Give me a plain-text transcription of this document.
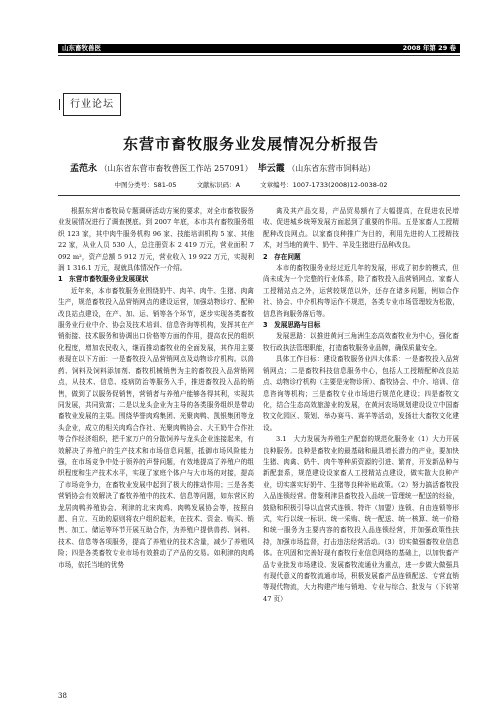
山东畜牧兽医	2008 年第 29 卷
行业论坛
东营市畜牧服务业发展情况分析报告
孟范永 （山东省东营市畜牧兽医工作站 257091） 毕云霞 （山东省东营市饲料站）
中图分类号：S81-05	文献标识码：A	文章编号：1007-1733(2008)12-0038-02

根据东营市畜牧局专题调研活动方案的要求，对全市畜牧服务业发展情况进行了调查摸底。到 2007 年底，本市共有畜牧服务组织 123 家，其中肉牛服务机构 96 家、技能培训机构 5 家、其他 22 家，从业人员 530 人，总注册资本 2 419 万元，营业面积 7 092 m²，资产总额 5 912 万元，营业收入 19 922 万元，实现利润 1 316.1 万元，现就具体情况作一介绍。

1　东营市畜牧服务业发展现状

近年来，本市畜牧服务业围绕奶牛、肉羊、肉牛、生猪、肉禽生产，规范畜牧投入品营销网点的建设运营，加强动物诊疗、配种改良站点建设，在产、加、运、销等各个环节，逐步实现各类畜牧服务业行业中介、协会及技术培训、信息咨询等机构，发挥其在产销衔接、技术服务和协调出口价格等方面的作用，提高农民的组织化程度，增加农民收入，继而推动畜牧业的全面发展，其作用主要表现在以下方面：一是畜牧投入品营销网点及动物诊疗机构。以兽药、饲料及饲料添加剂、畜牧机械销售为主的畜牧投入品营销网点，从技术、信息、疫病防治等服务入手，推进畜牧投入品的销售，做到了以服务促销售，营销者与养殖户能够各得其利，实现共同发展，共同致富；二是以龙头企业为主导的各类服务组织是带动畜牧业发展的主渠。围绕华誉肉鸡集团、光聚肉鸭、凯银集团等龙头企业，成立的相关肉鸡合作社、光聚肉鸭协会、大王奶牛合作社等合作经济组织，把千家万户的分散饲养与龙头企业连接起来，有效解决了养殖户的生产技术和市场信息问题，抵御市场风险能力强，在市场竞争中处于领养的声誉问题，有效地提高了养殖户的组织程度和生产技术水平，实现了家庭个体户与大市场的对接，提高了市场竞争力，在畜牧业发展中起到了极大的推动作用；三是各类营销协会有效解决了畜牧养殖中的技术、信息等问题，如东营区的龙居肉鸭养殖协会、利津的北宋肉鸡、肉鸭发展协会等，按照自愿、自立、互助的原则将农户组织起来，在技术、资金、购买、销售、加工、储运等环节开展互助合作，为养殖户提供兽药、饲料、技术、信息等各项服务，提高了养殖业的技术含量，减少了养殖风险；四是各类畜牧专业市场有效推动了产品的交易。如利津的肉鸡市场，依托当地的优势

禽及其产品交易，产品贸易额有了大幅提高，在促进农民增收、促进城乡统筹发展方面起到了重要的作用。五是家畜人工授精配种改良网点。以家畜良种推广为目的，利用先进的人工授精技术，对当地的黄牛、奶牛、羊及生猪进行品种改良。

2　存在问题

本市的畜牧服务业经过近几年的发展，形成了初步的模式，但尚未成为一个完整的行业体系，除了畜牧投入品营销网点、家畜人工授精站点之外，运营较规范以外，还存在诸多问题，例如合作社、协会、中介机构等运作不规范，各类专业市场管理较为松散，信息咨询服务落后等。

3　发展思路与目标

发展思路：以推进黄河三角洲生态高效畜牧业为中心，强化畜牧行政执法管理职能，打造畜牧服务业品牌，确保质量安全。

具体工作目标：建设畜牧服务业四大体系：一是畜牧投入品营销网点；二是畜牧科技信息服务中心，包括人工授精配种改良站点、动物诊疗机构（主要是宠物诊所）、畜牧协会、中介、培训、信息咨询等机构；三是畜牧专业市场进行规范化建设；四是畜牧文化，结合生态高效旅游业的发展，在黄河农场规划建设设立中国畜牧文化园区、策划、举办赛马、赛羊等活动，发扬壮大畜牧文化建设。

3.1　大力发展为养殖生产配套的规范化服务业（1）大力开展良种服务。良种是畜牧业的最基础和最具增长潜力的产业，要加快生猪、肉禽、奶牛、肉牛等种质资源的引进、繁育，开发新品种与新配套系，规范建设设家畜人工授精站点建设，做实散大良种产业，切实落实好奶牛、生猪等良种补贴政策。（2）努力搞活畜牧投入品连锁经营。借鉴利津县畜牧投入品统一管理统一配送的经验，鼓励和积极引导以直营式连锁、特许（加盟）连锁、自由连锁等形式，实行以统一标识、统一采购、统一配送、统一核算、统一价格和统一服务为主要内容的畜牧投入品连锁经营，并加强政策性扶持，加强市场监督，打击违法经营活动。（3）切实做强畜牧业信息体。在巩固和完善好现有畜牧行业信息网络的基础上，以加快畜产品专业批发市场建设、发展畜牧流通业为重点，进一步做大做强具有现代意义的畜牧流通市场，积极发展畜产品连锁配送、专营直销等现代物流，大力构建产地与销地、专业与综合、批发与（下转第 47 页）

38
